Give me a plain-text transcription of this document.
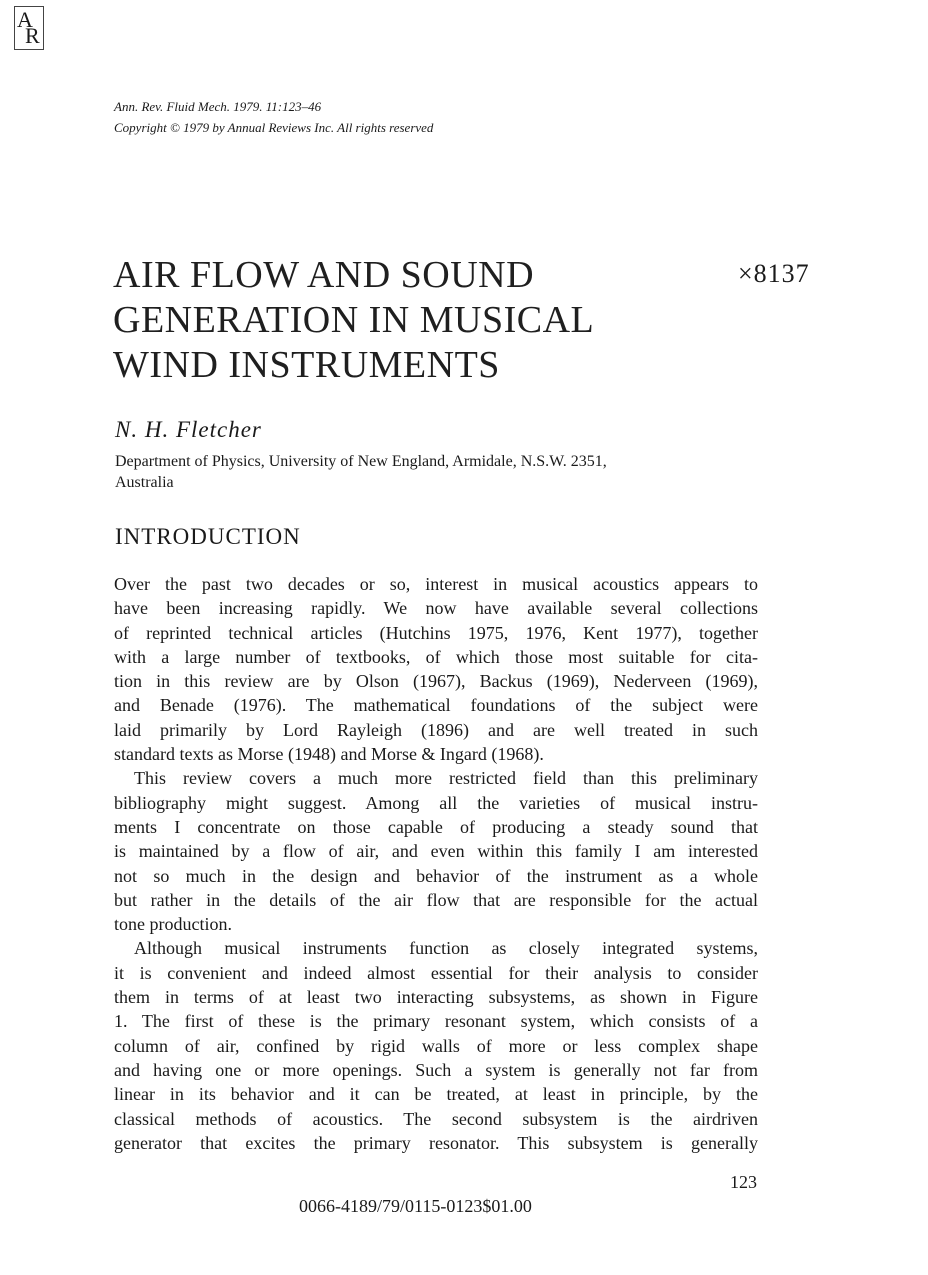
A
R
Ann. Rev. Fluid Mech. 1979. 11:123–46
Copyright © 1979 by Annual Reviews Inc. All rights reserved
AIR FLOW AND SOUND
GENERATION IN MUSICAL
WIND INSTRUMENTS
×8137
N. H. Fletcher
Department of Physics, University of New England, Armidale, N.S.W. 2351,
Australia
INTRODUCTION
Over the past two decades or so, interest in musical acoustics appears to
have been increasing rapidly. We now have available several collections
of reprinted technical articles (Hutchins 1975, 1976, Kent 1977), together
with a large number of textbooks, of which those most suitable for cita-
tion in this review are by Olson (1967), Backus (1969), Nederveen (1969),
and Benade (1976). The mathematical foundations of the subject were
laid primarily by Lord Rayleigh (1896) and are well treated in such
standard texts as Morse (1948) and Morse & Ingard (1968).
This review covers a much more restricted field than this preliminary
bibliography might suggest. Among all the varieties of musical instru-
ments I concentrate on those capable of producing a steady sound that
is maintained by a flow of air, and even within this family I am interested
not so much in the design and behavior of the instrument as a whole
but rather in the details of the air flow that are responsible for the actual
tone production.
Although musical instruments function as closely integrated systems,
it is convenient and indeed almost essential for their analysis to consider
them in terms of at least two interacting subsystems, as shown in Figure
1. The first of these is the primary resonant system, which consists of a
column of air, confined by rigid walls of more or less complex shape
and having one or more openings. Such a system is generally not far from
linear in its behavior and it can be treated, at least in principle, by the
classical methods of acoustics. The second subsystem is the airdriven
generator that excites the primary resonator. This subsystem is generally
123
0066-4189/79/0115-0123$01.00
